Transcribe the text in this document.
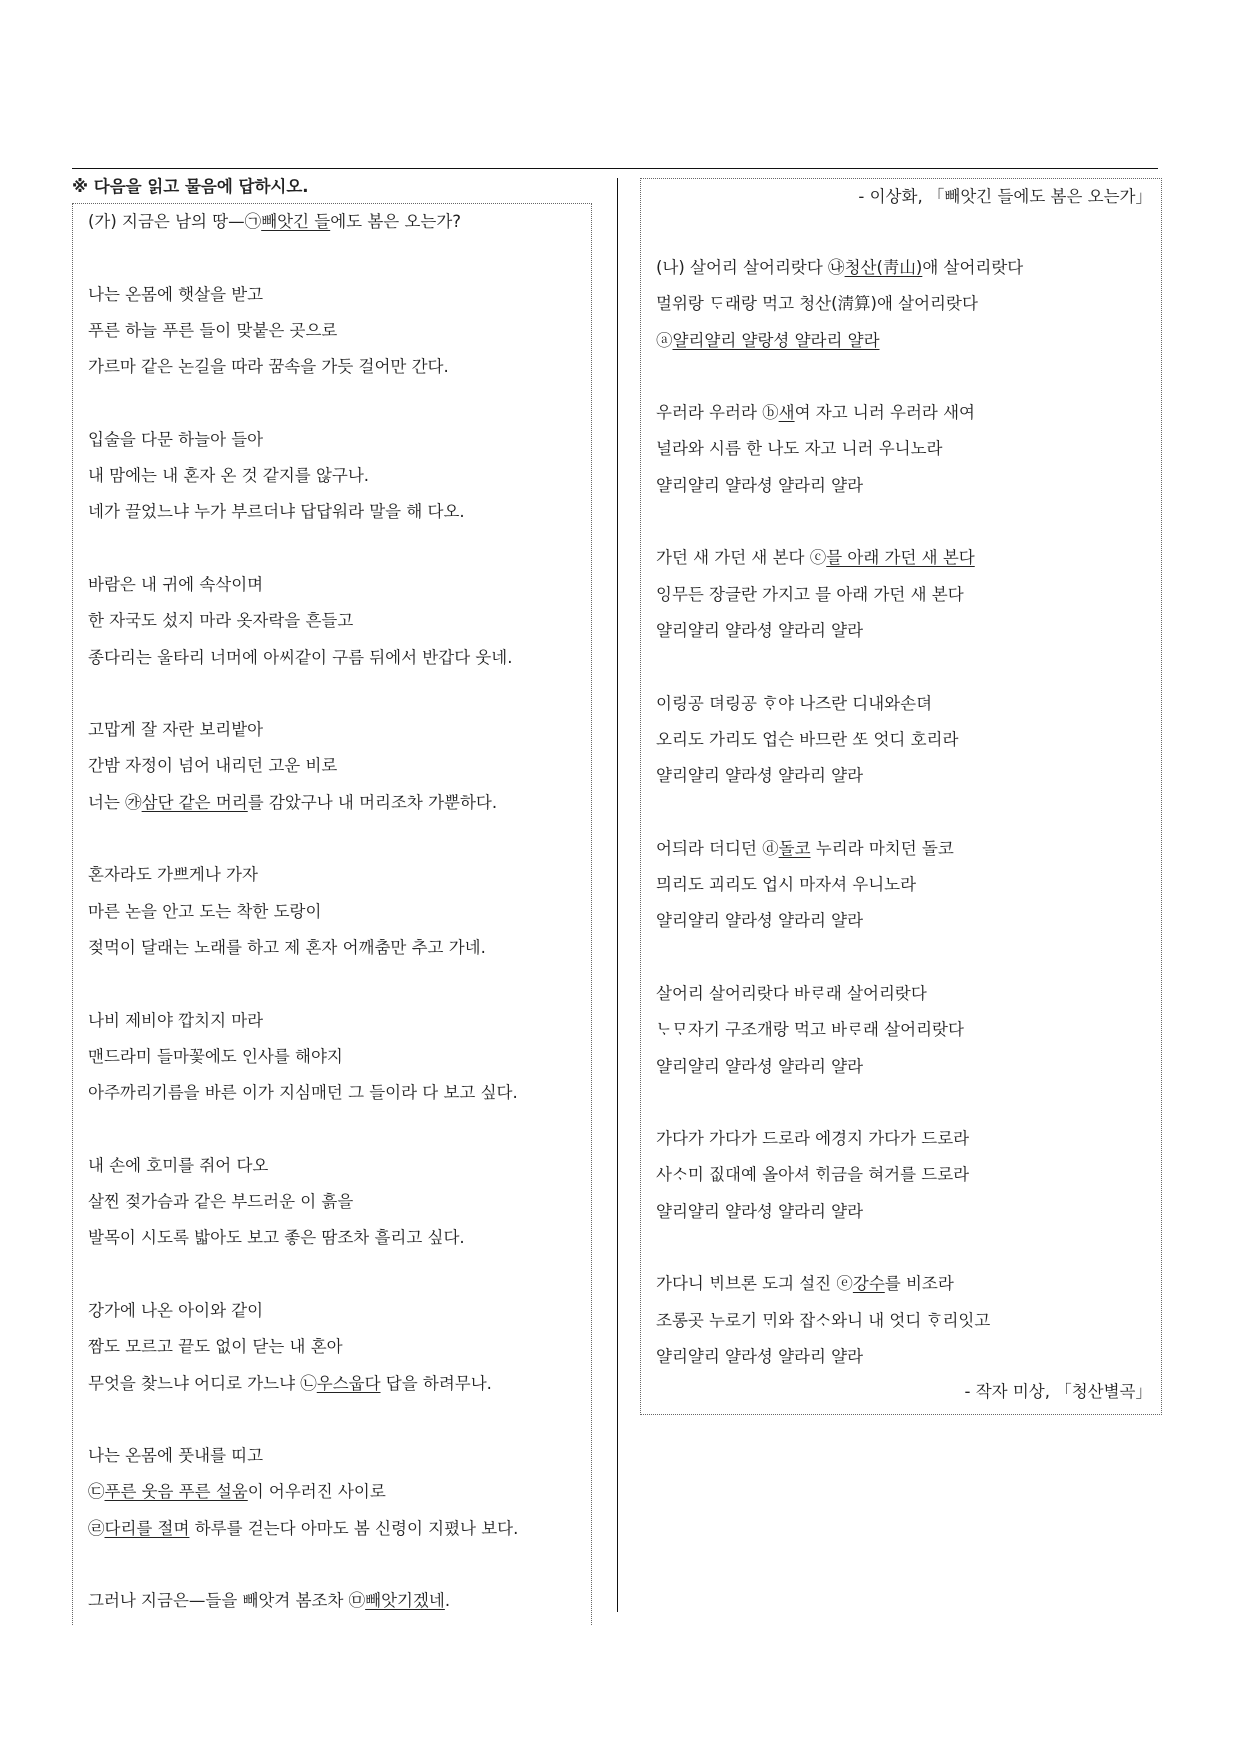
※ 다음을 읽고 물음에 답하시오.
(가) 지금은 남의 땅—㉠빼앗긴 들에도 봄은 오는가?
나는 온몸에 햇살을 받고
푸른 하늘 푸른 들이 맞붙은 곳으로
가르마 같은 논길을 따라 꿈속을 가듯 걸어만 간다.
입술을 다문 하늘아 들아
내 맘에는 내 혼자 온 것 같지를 않구나.
네가 끌었느냐 누가 부르더냐 답답워라 말을 해 다오.
바람은 내 귀에 속삭이며
한 자국도 섰지 마라 옷자락을 흔들고
종다리는 울타리 너머에 아씨같이 구름 뒤에서 반갑다 웃네.
고맙게 잘 자란 보리밭아
간밤 자정이 넘어 내리던 고운 비로
너는 ㉮삼단 같은 머리를 감았구나 내 머리조차 가뿐하다.
혼자라도 가쁘게나 가자
마른 논을 안고 도는 착한 도랑이
젖먹이 달래는 노래를 하고 제 혼자 어깨춤만 추고 가네.
나비 제비야 깝치지 마라
맨드라미 들마꽃에도 인사를 해야지
아주까리기름을 바른 이가 지심매던 그 들이라 다 보고 싶다.
내 손에 호미를 쥐어 다오
살찐 젖가슴과 같은 부드러운 이 흙을
발목이 시도록 밟아도 보고 좋은 땀조차 흘리고 싶다.
강가에 나온 아이와 같이
짬도 모르고 끝도 없이 닫는 내 혼아
무엇을 찾느냐 어디로 가느냐 ㉡우스웁다 답을 하려무나.
나는 온몸에 풋내를 띠고
㉢푸른 웃음 푸른 설움이 어우러진 사이로
㉣다리를 절며 하루를 걷는다 아마도 봄 신령이 지폈나 보다.
그러나 지금은—들을 빼앗겨 봄조차 ㉤빼앗기겠네.
- 이상화, 「빼앗긴 들에도 봄은 오는가」
(나) 살어리 살어리랏다 ㉯청산(靑山)애 살어리랏다
멀위랑 ᄃᆞ래랑 먹고 청산(淸算)애 살어리랏다
ⓐ얄리얄리 얄랑셩 얄라리 얄라
우러라 우러라 ⓑ새여 자고 니러 우러라 새여
널라와 시름 한 나도 자고 니러 우니노라
얄리얄리 얄라셩 얄라리 얄라
가던 새 가던 새 본다 ⓒ믈 아래 가던 새 본다
잉무든 장글란 가지고 믈 아래 가던 새 본다
얄리얄리 얄라셩 얄라리 얄라
이링공 뎌링공 ᄒᆞ야 나즈란 디내와손뎌
오리도 가리도 업슨 바므란 ᄯᅩ 엇디 호리라
얄리얄리 얄라셩 얄라리 얄라
어듸라 더디던 ⓓ돌코 누리라 마치던 돌코
믜리도 괴리도 업시 마자셔 우니노라
얄리얄리 얄라셩 얄라리 얄라
살어리 살어리랏다 바ᄅᆞ래 살어리랏다
ᄂᆞᄆᆞ자기 구조개랑 먹고 바ᄅᆞ래 살어리랏다
얄리얄리 얄라셩 얄라리 얄라
가다가 가다가 드로라 에경지 가다가 드로라
사ᄉᆞ미 짒대예 올아셔 ᄒᆡ금을 혀거를 드로라
얄리얄리 얄라셩 얄라리 얄라
가다니 ᄇᆡ브론 도긔 설진 ⓔ강수를 비조라
조롱곳 누로기 ᄆᆡ와 잡ᄉᆞ와니 내 엇디 ᄒᆞ리잇고
얄리얄리 얄라셩 얄라리 얄라
- 작자 미상, 「청산별곡」
